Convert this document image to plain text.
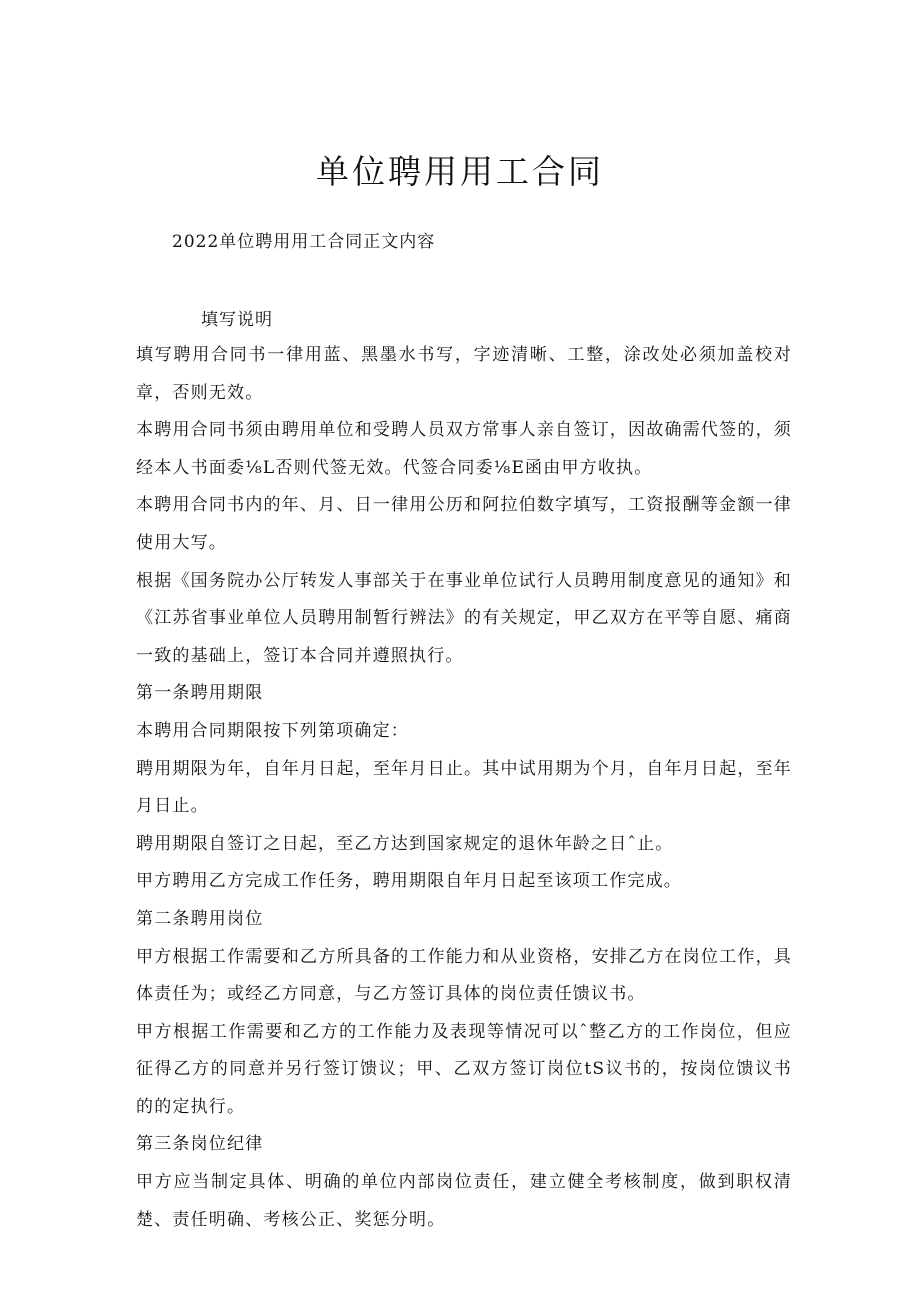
单位聘用用工合同
2022单位聘用用工合同正文内容
填写说明

填写聘用合同书一律用蓝、黑墨水书写，字迹清晰、工整，涂改处必须加盖校对章，否则无效。

本聘用合同书须由聘用单位和受聘人员双方常事人亲自签订，因故确需代签的，须经本人书面委⅛L否则代签无效。代签合同委⅛E函由甲方收执。

本聘用合同书内的年、月、日一律用公历和阿拉伯数字填写，工资报酬等金额一律使用大写。

根据《国务院办公厅转发人事部关于在事业单位试行人员聘用制度意见的通知》和《江苏省事业单位人员聘用制暂行辨法》的有关规定，甲乙双方在平等自愿、痛商一致的基础上，签订本合同并遵照执行。

第一条聘用期限

本聘用合同期限按下列第项确定：

聘用期限为年，自年月日起，至年月日止。其中试用期为个月，自年月日起，至年月日止。

聘用期限自签订之日起，至乙方达到国家规定的退休年龄之日ˆ止。

甲方聘用乙方完成工作任务，聘用期限自年月日起至该项工作完成。

第二条聘用岗位

甲方根据工作需要和乙方所具备的工作能力和从业资格，安排乙方在岗位工作，具体责任为；或经乙方同意，与乙方签订具体的岗位责任馈议书。

甲方根据工作需要和乙方的工作能力及表现等情况可以ˆ整乙方的工作岗位，但应征得乙方的同意并另行签订馈议；甲、乙双方签订岗位tS议书的，按岗位馈议书的的定执行。

第三条岗位纪律

甲方应当制定具体、明确的单位内部岗位责任，建立健全考核制度，做到职权清楚、责任明确、考核公正、奖惩分明。
